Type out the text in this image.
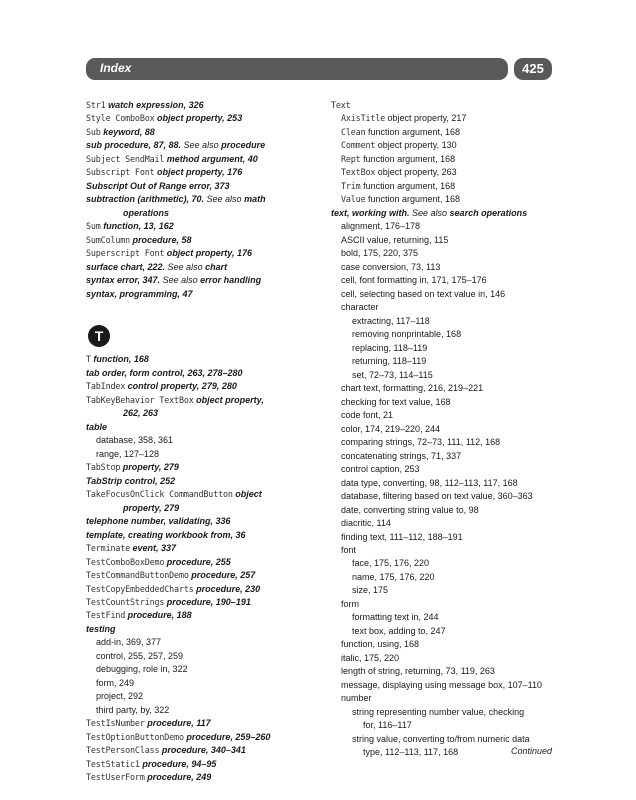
Index	425
Str1 watch expression, 326
Style ComboBox object property, 253
Sub keyword, 88
sub procedure, 87, 88. See also procedure
Subject SendMail method argument, 40
Subscript Font object property, 176
Subscript Out of Range error, 373
subtraction (arithmetic), 70. See also math
operations
Sum function, 13, 162
SumColumn procedure, 58
Superscript Font object property, 176
surface chart, 222. See also chart
syntax error, 347. See also error handling
syntax, programming, 47
T
T function, 168
tab order, form control, 263, 278–280
TabIndex control property, 279, 280
TabKeyBehavior TextBox object property,
262, 263
table
database, 358, 361
range, 127–128
TabStop property, 279
TabStrip control, 252
TakeFocusOnClick CommandButton object
property, 279
telephone number, validating, 336
template, creating workbook from, 36
Terminate event, 337
TestComboBoxDemo procedure, 255
TestCommandButtonDemo procedure, 257
TestCopyEmbeddedCharts procedure, 230
TestCountStrings procedure, 190–191
TestFind procedure, 188
testing
add-in, 369, 377
control, 255, 257, 259
debugging, role in, 322
form, 249
project, 292
third party, by, 322
TestIsNumber procedure, 117
TestOptionButtonDemo procedure, 259–260
TestPersonClass procedure, 340–341
TestStatic1 procedure, 94–95
TestUserForm procedure, 249
Text
AxisTitle object property, 217
Clean function argument, 168
Comment object property, 130
Rept function argument, 168
TextBox object property, 263
Trim function argument, 168
Value function argument, 168
text, working with. See also search operations
alignment, 176–178
ASCII value, returning, 115
bold, 175, 220, 375
case conversion, 73, 113
cell, font formatting in, 171, 175–176
cell, selecting based on text value in, 146
character
extracting, 117–118
removing nonprintable, 168
replacing, 118–119
returning, 118–119
set, 72–73, 114–115
chart text, formatting, 216, 219–221
checking for text value, 168
code font, 21
color, 174, 219–220, 244
comparing strings, 72–73, 111, 112, 168
concatenating strings, 71, 337
control caption, 253
data type, converting, 98, 112–113, 117, 168
database, filtering based on text value, 360–363
date, converting string value to, 98
diacritic, 114
finding text, 111–112, 188–191
font
face, 175, 176, 220
name, 175, 176, 220
size, 175
form
formatting text in, 244
text box, adding to, 247
function, using, 168
italic, 175, 220
length of string, returning, 73, 119, 263
message, displaying using message box, 107–110
number
string representing number value, checking
for, 116–117
string value, converting to/from numeric data
type, 112–113, 117, 168	Continued
